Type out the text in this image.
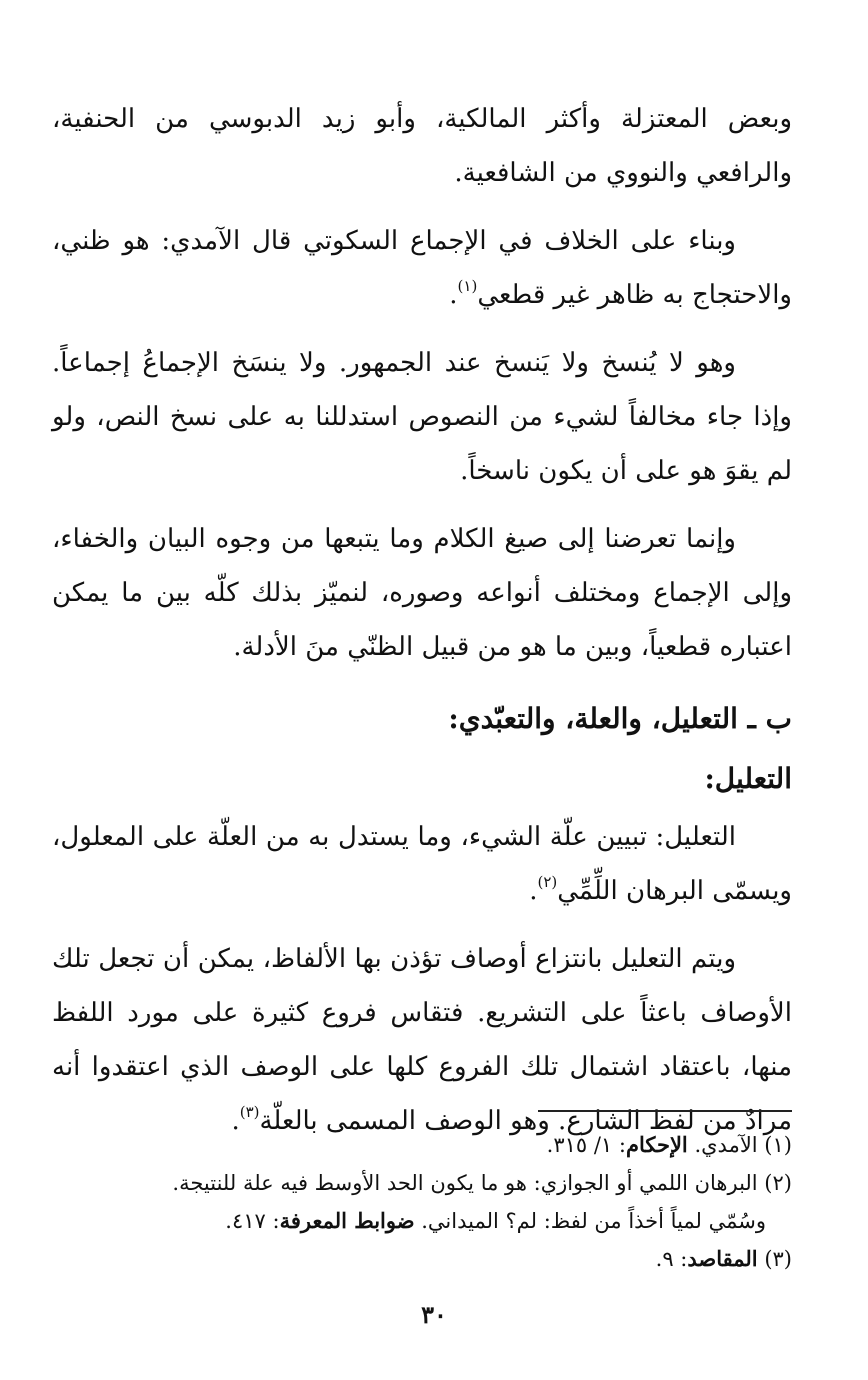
وبعض المعتزلة وأكثر المالكية، وأبو زيد الدبوسي من الحنفية، والرافعي والنووي من الشافعية.

وبناء على الخلاف في الإجماع السكوتي قال الآمدي: هو ظني، والاحتجاج به ظاهر غير قطعي$^{(١)}$.

وهو لا يُنسخ ولا يَنسخ عند الجمهور. ولا ينسَخ الإجماعُ إجماعاً. وإذا جاء مخالفاً لشيء من النصوص استدللنا به على نسخ النص، ولو لم يقوَ هو على أن يكون ناسخاً.

وإنما تعرضنا إلى صيغ الكلام وما يتبعها من وجوه البيان والخفاء، وإلى الإجماع ومختلف أنواعه وصوره، لنميّز بذلك كلّه بين ما يمكن اعتباره قطعياً، وبين ما هو من قبيل الظنّي منَ الأدلة.

ب ـ التعليل، والعلة، والتعبّدي:
التعليل:

التعليل: تبيين علّة الشيء، وما يستدل به من العلّة على المعلول، ويسمّى البرهان اللِّمِّي$^{(٢)}$.

ويتم التعليل بانتزاع أوصاف تؤذن بها الألفاظ، يمكن أن تجعل تلك الأوصاف باعثاً على التشريع. فتقاس فروع كثيرة على مورد اللفظ منها، باعتقاد اشتمال تلك الفروع كلها على الوصف الذي اعتقدوا أنه مرادٌ من لفظ الشارع. وهو الوصف المسمى بالعلّة$^{(٣)}$.

(١) الآمدي. الإحكام: ١/ ٣١٥.
(٢) البرهان اللمي أو الجوازي: هو ما يكون الحد الأوسط فيه علة للنتيجة.
وسُمّي لمياً أخذاً من لفظ: لم؟ الميداني. ضوابط المعرفة: ٤١٧.
(٣) المقاصد: ٩.
٣٠
